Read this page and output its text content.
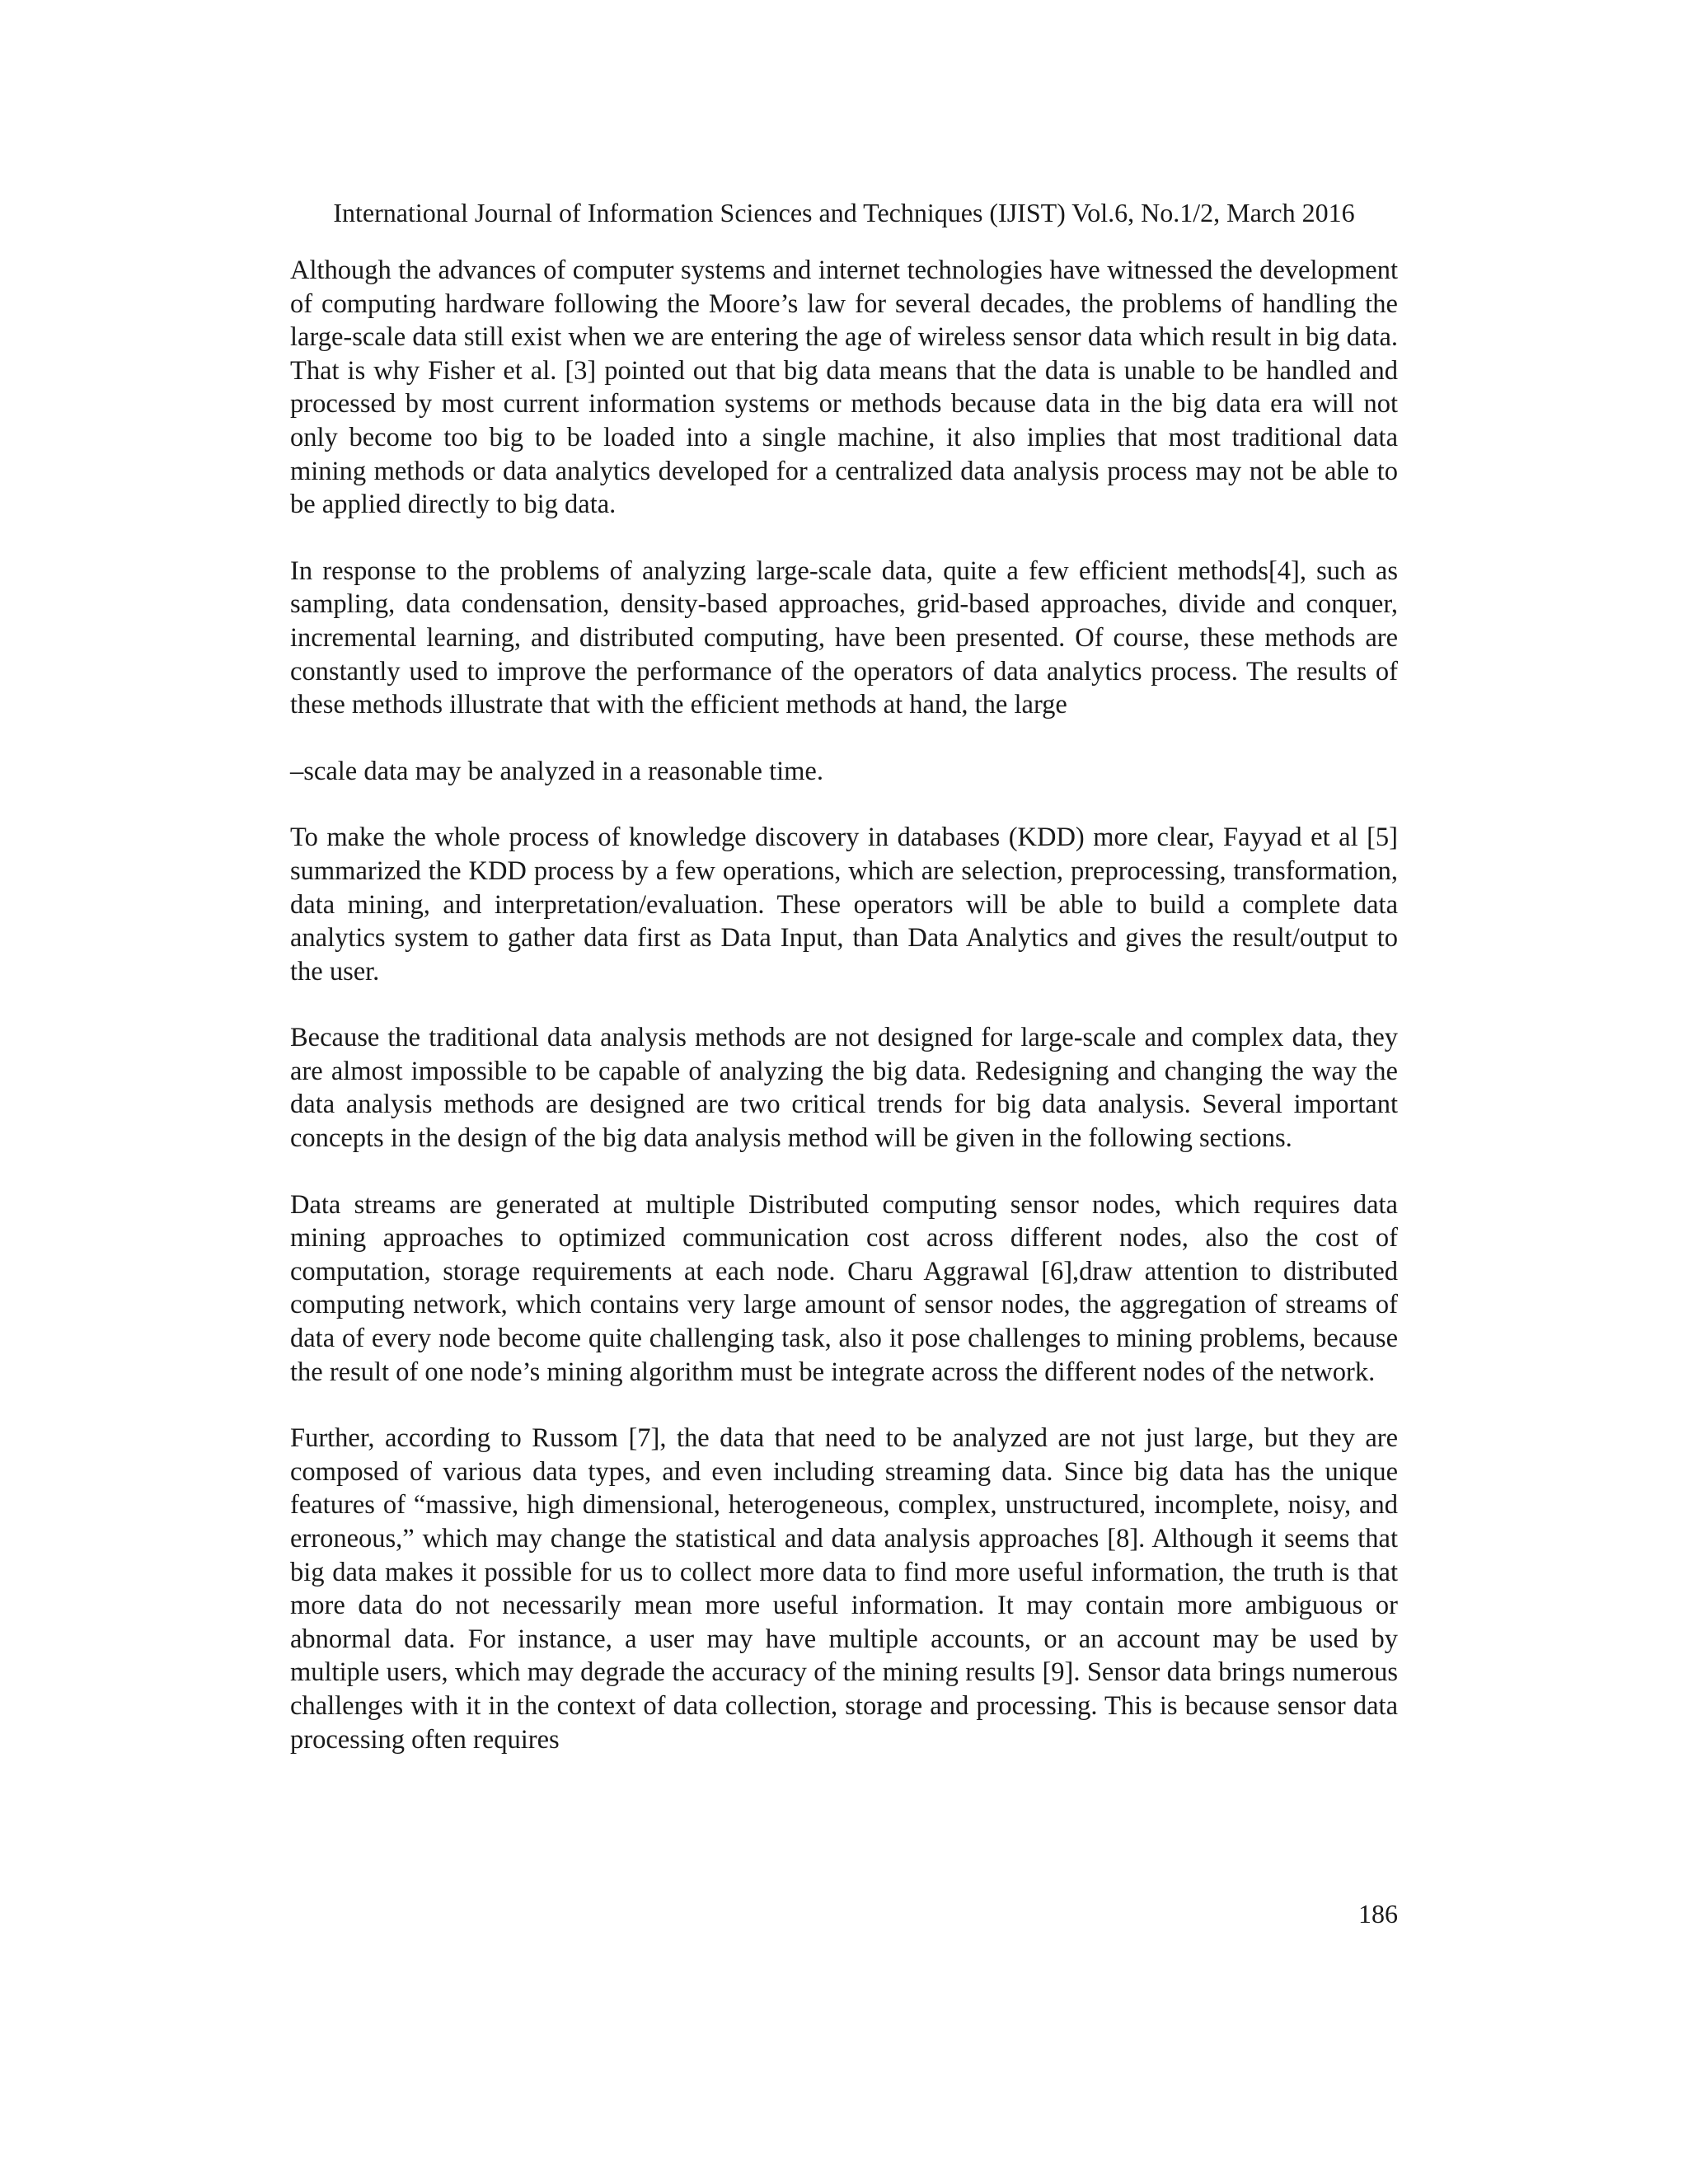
International Journal of Information Sciences and Techniques (IJIST) Vol.6, No.1/2, March 2016

Although the advances of computer systems and internet technologies have witnessed the development of computing hardware following the Moore’s law for several decades, the problems of handling the large-scale data still exist when we are entering the age of wireless sensor data which result in big data. That is why Fisher et al. [3] pointed out that big data means that the data is unable to be handled and processed by most current information systems or methods because data in the big data era will not only become too big to be loaded into a single machine, it also implies that most traditional data mining methods or data analytics developed for a centralized data analysis process may not be able to be applied directly to big data.

In response to the problems of analyzing large-scale data, quite a few efficient methods[4], such as sampling, data condensation, density-based approaches, grid-based approaches, divide and conquer, incremental learning, and distributed computing, have been presented. Of course, these methods are constantly used to improve the performance of the operators of data analytics process. The results of these methods illustrate that with the efficient methods at hand, the large

–scale data may be analyzed in a reasonable time.

To make the whole process of knowledge discovery in databases (KDD) more clear, Fayyad et al [5] summarized the KDD process by a few operations, which are selection, preprocessing, transformation, data mining, and interpretation/evaluation. These operators will be able to build a complete data analytics system to gather data first as Data Input, than Data Analytics and gives the result/output to the user.

Because the traditional data analysis methods are not designed for large-scale and complex data, they are almost impossible to be capable of analyzing the big data. Redesigning and changing the way the data analysis methods are designed are two critical trends for big data analysis. Several important concepts in the design of the big data analysis method will be given in the following sections.

Data streams are generated at multiple Distributed computing sensor nodes, which requires data mining approaches to optimized communication cost across different nodes, also the cost of computation, storage requirements at each node. Charu Aggrawal [6],draw attention to distributed computing network, which contains very large amount of sensor nodes, the aggregation of streams of data of every node become quite challenging task, also it pose challenges to mining problems, because the result of one node’s mining algorithm must be integrate across the different nodes of the network.

Further, according to Russom [7], the data that need to be analyzed are not just large, but they are composed of various data types, and even including streaming data. Since big data has the unique features of “massive, high dimensional, heterogeneous, complex, unstructured, incomplete, noisy, and erroneous,” which may change the statistical and data analysis approaches [8]. Although it seems that big data makes it possible for us to collect more data to find more useful information, the truth is that more data do not necessarily mean more useful information. It may contain more ambiguous or abnormal data. For instance, a user may have multiple accounts, or an account may be used by multiple users, which may degrade the accuracy of the mining results [9]. Sensor data brings numerous challenges with it in the context of data collection, storage and processing. This is because sensor data processing often requires

186
